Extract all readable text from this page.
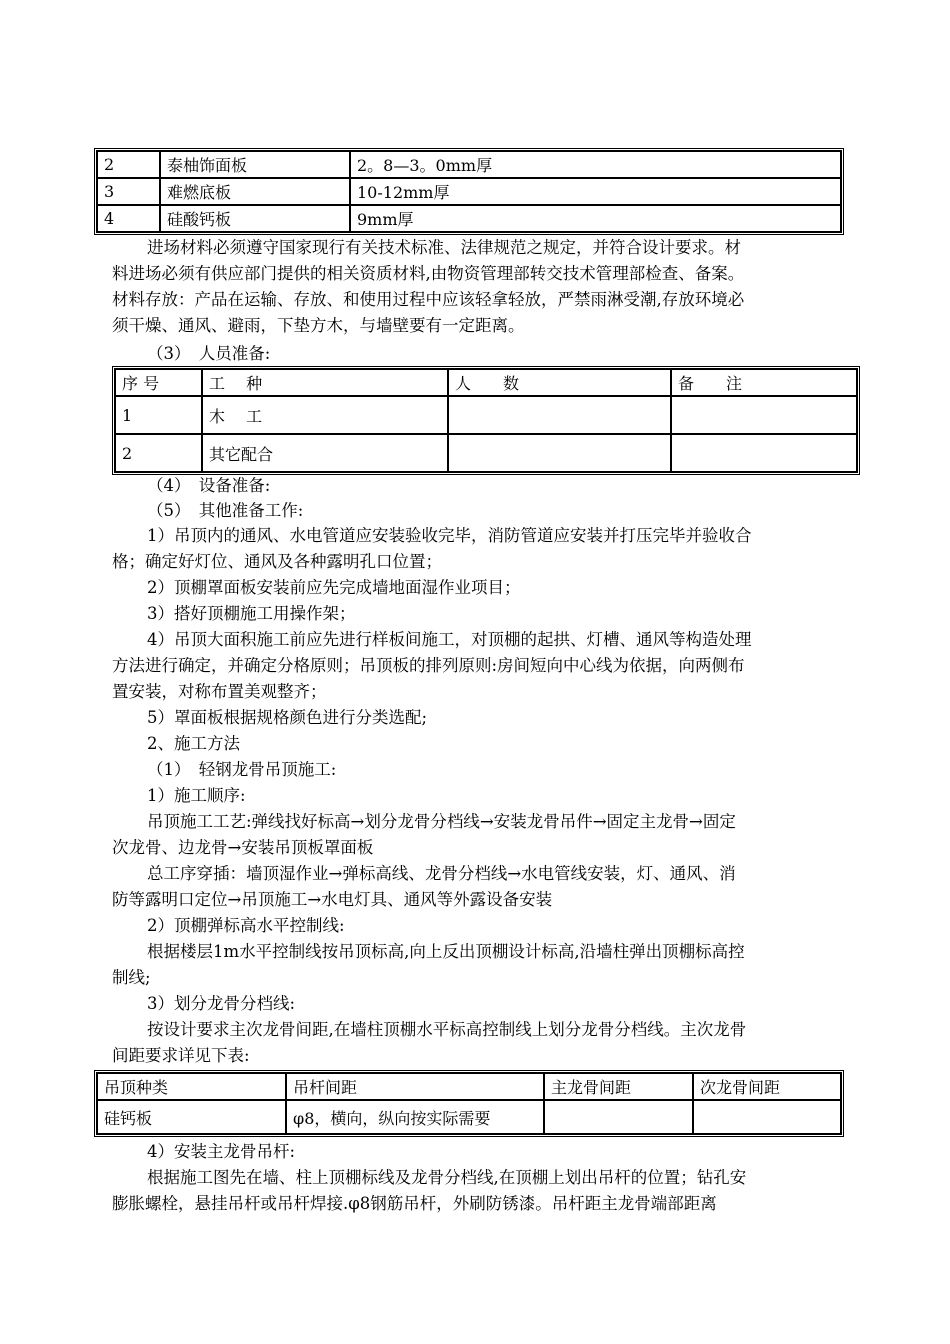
2	泰柚饰面板	2。8—3。0mm厚
3	难燃底板	10-12mm厚
4	硅酸钙板	9mm厚
进场材料必须遵守国家现行有关技术标准、法律规范之规定，并符合设计要求。材
料进场必须有供应部门提供的相关资质材料,由物资管理部转交技术管理部检查、备案。
材料存放：产品在运输、存放、和使用过程中应该轻拿轻放，严禁雨淋受潮,存放环境必
须干燥、通风、避雨，下垫方木，与墙壁要有一定距离。
（3）　人员准备:
序 号	工　 种	人　　数	备　　注
1	木　 工		
2	其它配合		
（4）　设备准备:
（5）　其他准备工作:
1）吊顶内的通风、水电管道应安装验收完毕，消防管道应安装并打压完毕并验收合
格；确定好灯位、通风及各种露明孔口位置；
2）顶棚罩面板安装前应先完成墙地面湿作业项目；
3）搭好顶棚施工用操作架；
4）吊顶大面积施工前应先进行样板间施工，对顶棚的起拱、灯槽、通风等构造处理
方法进行确定，并确定分格原则；吊顶板的排列原则:房间短向中心线为依据，向两侧布
置安装，对称布置美观整齐；
5）罩面板根据规格颜色进行分类选配;
2、施工方法
（1）　轻钢龙骨吊顶施工:
1）施工顺序:
吊顶施工工艺:弹线找好标高→划分龙骨分档线→安装龙骨吊件→固定主龙骨→固定
次龙骨、边龙骨→安装吊顶板罩面板
总工序穿插：墙顶湿作业→弹标高线、龙骨分档线→水电管线安装，灯、通风、消
防等露明口定位→吊顶施工→水电灯具、通风等外露设备安装
2）顶棚弹标高水平控制线:
根据楼层1m水平控制线按吊顶标高,向上反出顶棚设计标高,沿墙柱弹出顶棚标高控
制线;
3）划分龙骨分档线:
按设计要求主次龙骨间距,在墙柱顶棚水平标高控制线上划分龙骨分档线。主次龙骨
间距要求详见下表:
吊顶种类	吊杆间距	主龙骨间距	次龙骨间距
硅钙板	φ8，横向，纵向按实际需要		
4）安装主龙骨吊杆:
根据施工图先在墙、柱上顶棚标线及龙骨分档线,在顶棚上划出吊杆的位置；钻孔安
膨胀螺栓，悬挂吊杆或吊杆焊接.φ8钢筋吊杆，外刷防锈漆。吊杆距主龙骨端部距离
